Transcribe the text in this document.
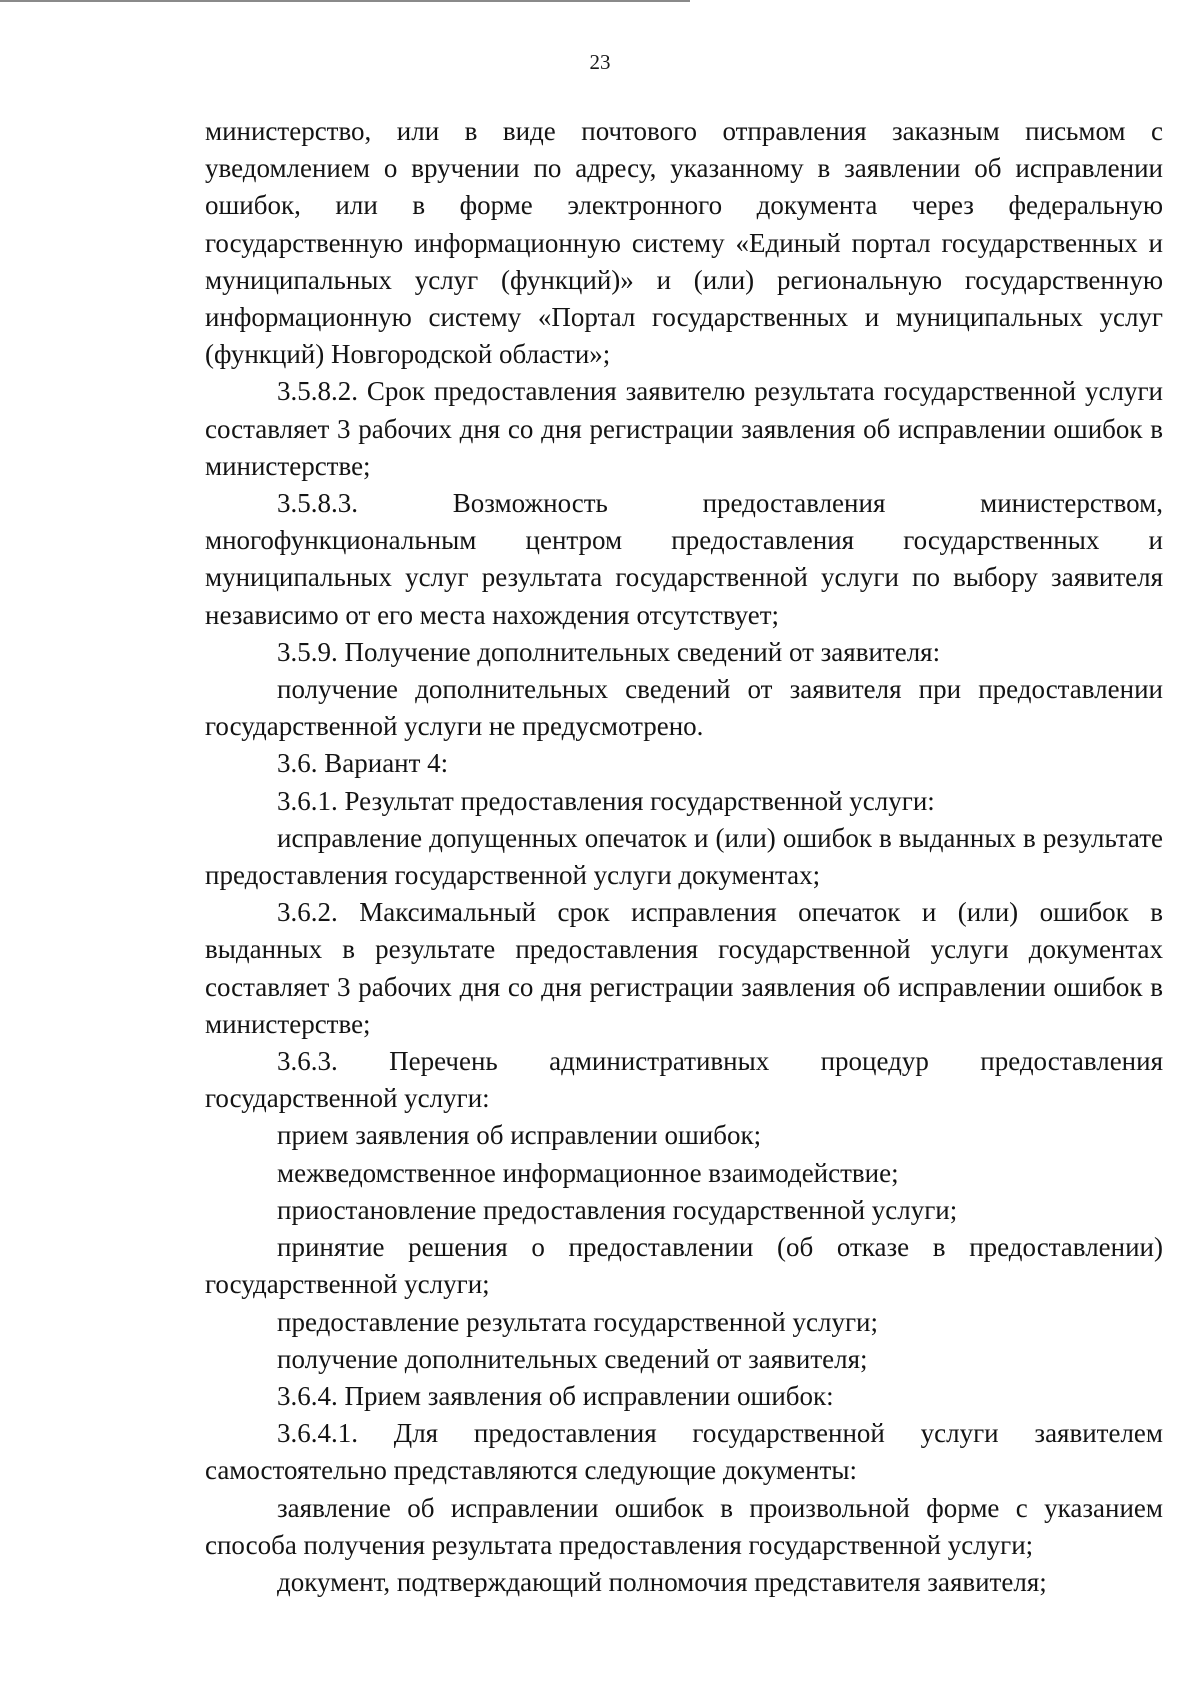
23

министерство, или в виде почтового отправления заказным письмом с уведомлением о вручении по адресу, указанному в заявлении об исправлении ошибок, или в форме электронного документа через федеральную государственную информационную систему «Единый портал государственных и муниципальных услуг (функций)» и (или) региональную государственную информационную систему «Портал государственных и муниципальных услуг (функций) Новгородской области»;

3.5.8.2. Срок предоставления заявителю результата государственной услуги составляет 3 рабочих дня со дня регистрации заявления об исправлении ошибок в министерстве;

3.5.8.3. Возможность предоставления министерством, многофункциональным центром предоставления государственных и муниципальных услуг результата государственной услуги по выбору заявителя независимо от его места нахождения отсутствует;

3.5.9. Получение дополнительных сведений от заявителя:

получение дополнительных сведений от заявителя при предоставлении государственной услуги не предусмотрено.

3.6. Вариант 4:

3.6.1. Результат предоставления государственной услуги:

исправление допущенных опечаток и (или) ошибок в выданных в результате предоставления государственной услуги документах;

3.6.2. Максимальный срок исправления опечаток и (или) ошибок в выданных в результате предоставления государственной услуги документах составляет 3 рабочих дня со дня регистрации заявления об исправлении ошибок в министерстве;

3.6.3. Перечень административных процедур предоставления государственной услуги:

прием заявления об исправлении ошибок;

межведомственное информационное взаимодействие;

приостановление предоставления государственной услуги;

принятие решения о предоставлении (об отказе в предоставлении) государственной услуги;

предоставление результата государственной услуги;

получение дополнительных сведений от заявителя;

3.6.4. Прием заявления об исправлении ошибок:

3.6.4.1. Для предоставления государственной услуги заявителем самостоятельно представляются следующие документы:

заявление об исправлении ошибок в произвольной форме с указанием способа получения результата предоставления государственной услуги;

документ, подтверждающий полномочия представителя заявителя;
